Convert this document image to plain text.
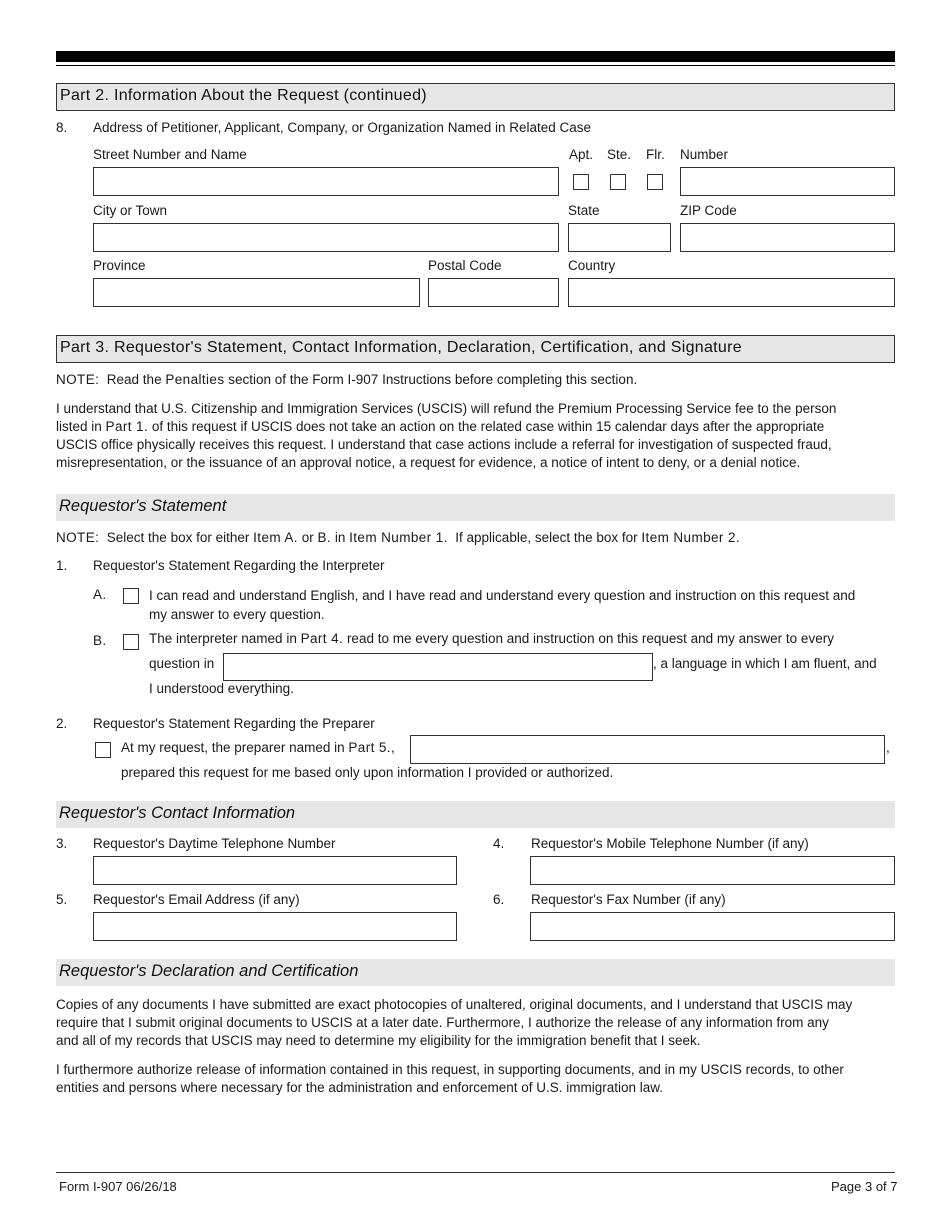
Part 2. Information About the Request (continued)
8. Address of Petitioner, Applicant, Company, or Organization Named in Related Case
Street Number and Name	Apt. Ste. Flr. Number
City or Town	State	ZIP Code
Province	Postal Code	Country
Part 3. Requestor's Statement, Contact Information, Declaration, Certification, and Signature
NOTE: Read the Penalties section of the Form I-907 Instructions before completing this section.
I understand that U.S. Citizenship and Immigration Services (USCIS) will refund the Premium Processing Service fee to the person
listed in Part 1. of this request if USCIS does not take an action on the related case within 15 calendar days after the appropriate
USCIS office physically receives this request. I understand that case actions include a referral for investigation of suspected fraud,
misrepresentation, or the issuance of an approval notice, a request for evidence, a notice of intent to deny, or a denial notice.
Requestor's Statement
NOTE: Select the box for either Item A. or B. in Item Number 1. If applicable, select the box for Item Number 2.
1. Requestor's Statement Regarding the Interpreter
A.	I can read and understand English, and I have read and understand every question and instruction on this request and
my answer to every question.
B.	The interpreter named in Part 4. read to me every question and instruction on this request and my answer to every
question in	, a language in which I am fluent, and
I understood everything.
2. Requestor's Statement Regarding the Preparer
At my request, the preparer named in Part 5.,	,
prepared this request for me based only upon information I provided or authorized.
Requestor's Contact Information
3. Requestor's Daytime Telephone Number	4. Requestor's Mobile Telephone Number (if any)
5. Requestor's Email Address (if any)	6. Requestor's Fax Number (if any)
Requestor's Declaration and Certification
Copies of any documents I have submitted are exact photocopies of unaltered, original documents, and I understand that USCIS may
require that I submit original documents to USCIS at a later date. Furthermore, I authorize the release of any information from any
and all of my records that USCIS may need to determine my eligibility for the immigration benefit that I seek.
I furthermore authorize release of information contained in this request, in supporting documents, and in my USCIS records, to other
entities and persons where necessary for the administration and enforcement of U.S. immigration law.
Form I-907 06/26/18	Page 3 of 7
